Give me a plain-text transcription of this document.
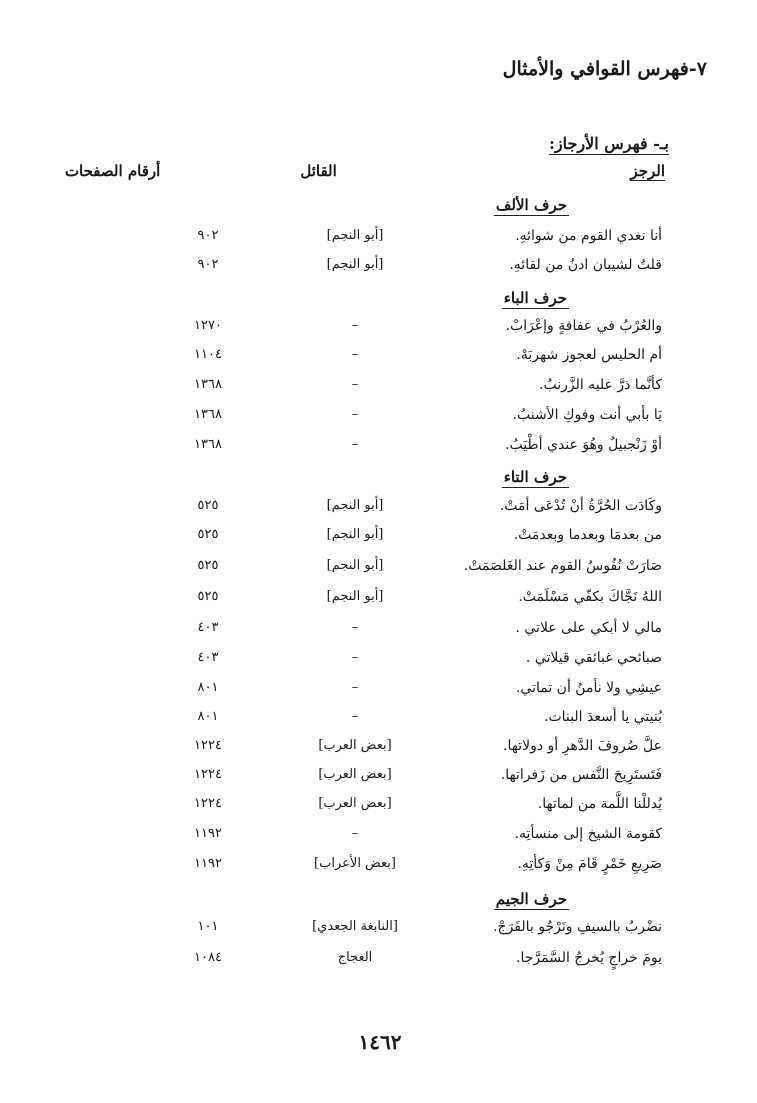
٧-فهرس القوافي والأمثال
ب‍ـ- فهرس الأرجاز:
الرجز
القائل
أرقام الصفحات
حرف الألف
حرف الباء
حرف التاء
حرف الجيم
أنا نغدي القوم من شوائهِ.
[أبو النجم]
٩٠٢
قلتُ لشيبان ادنُ من لقائهِ.
[أبو النجم]
٩٠٢
والعُرْبُ في عفافةٍ وإعْرَابْ.
–
١٢٧٠
أم الحليس لعجوز شهربَهْ.
–
١١٠٤
كأنَّما ذرَّ عليه الزَّرنبُ.
–
١٣٦٨
يَا بأبي أنت وفوكِ الأشنبُ.
–
١٣٦٨
أوْ زَنْجبيلٌ وهُوَ عندي أطْيَبُ.
–
١٣٦٨
وكَادَت الحُرَّةُ أنْ تُدْعَى أمَتْ.
[أبو النجم]
٥٢٥
من بعدمَا وبعدما وبعدمَتْ.
[أبو النجم]
٥٢٥
صَارَتْ نُفُوسُ القوم عند الغَلصَمَتْ.
[أبو النجم]
٥٢٥
اللهُ نَجَّاكَ بكفّي مَسْلَمَتْ.
[أبو النجم]
٥٢٥
مالي لا أبكي على علاتي .
–
٤٠٣
صبائحي غبائقي قيلاتي .
–
٤٠٣
عيشِي ولا نأمنُ أن تماتي.
–
٨٠١
بُنيتي يا أسعدَ البنات.
–
٨٠١
علَّ صُروفَ الدَّهرِ أو دولاتها.
[بعض العرب]
١٢٢٤
فَتَستَرِيحَ النَّفس من زَفراتها.
[بعض العرب]
١٢٢٤
يُدللْنا اللَّمة من لماتها.
[بعض العرب]
١٢٢٤
كقومة الشيخ إلى منسأتِه.
–
١١٩٢
صَرِيعِ خَمْرٍ قَامَ مِنْ وَكأتِهِ.
[بعض الأعراب]
١١٩٢
نضْربُ بالسيفِ ونَرْجُو بالفَرَجْ.
[النابغة الجعدي]
١٠١
يومَ خراجٍ يُخرجُ السَّمَرَّجا.
العجاج
١٠٨٤
١٤٦٢
